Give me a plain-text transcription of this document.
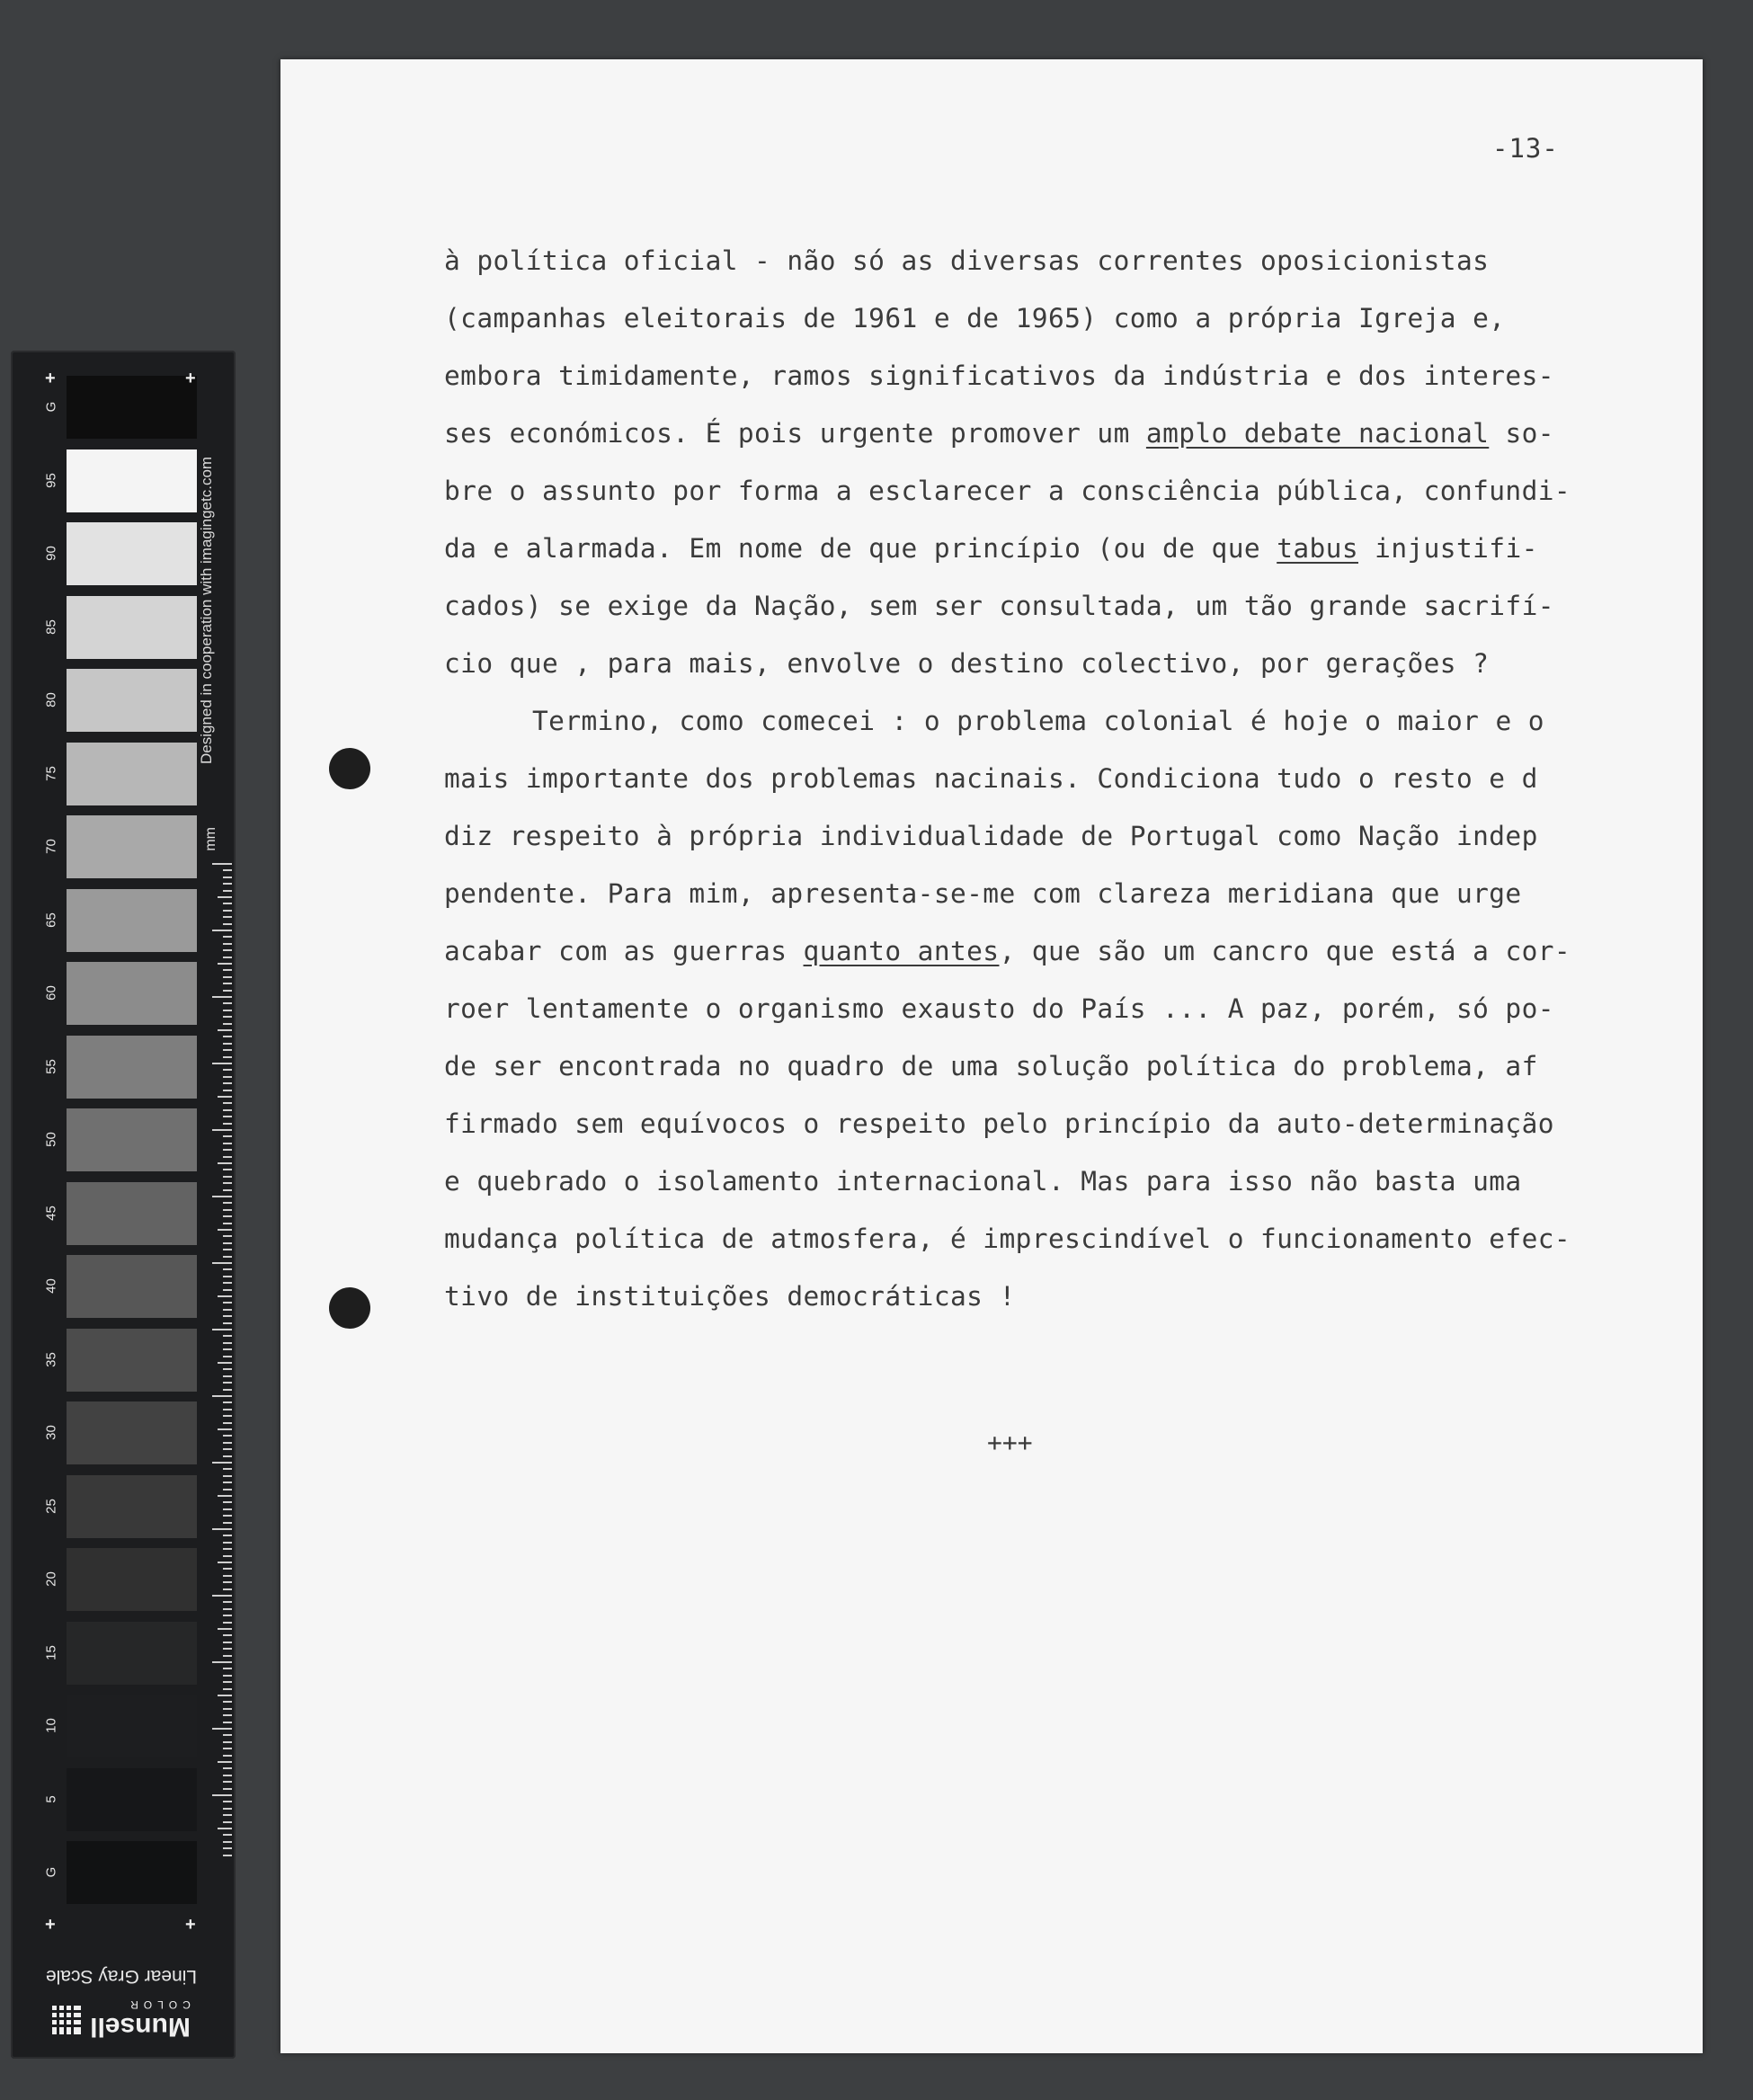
G
95
90
85
80
75
70
65
60
55
50
45
40
35
30
25
20
15
10
5
G
+	+
+	+
Designed in cooperation with imagingetc.com
mm
Linear Gray Scale
Munsell
COLOR
-13-
à política oficial - não só as diversas correntes oposicionistas
(campanhas eleitorais de 1961 e de 1965) como a própria Igreja e,
embora timidamente, ramos significativos da indústria e dos interes-
ses económicos. É pois urgente promover um amplo debate nacional so-
bre o assunto por forma a esclarecer a consciência pública, confundi-
da e alarmada. Em nome de que princípio (ou de que tabus injustifi-
cados) se exige da Nação, sem ser consultada, um tão grande sacrifí-
cio que , para mais, envolve o destino colectivo, por gerações ?
Termino, como comecei : o problema colonial é hoje o maior e o
mais importante dos problemas nacinais. Condiciona tudo o resto e d
diz respeito à própria individualidade de Portugal como Nação indep
pendente. Para mim, apresenta-se-me com clareza meridiana que urge
acabar com as guerras quanto antes, que são um cancro que está a cor-
roer lentamente o organismo exausto do País ... A paz, porém, só po-
de ser encontrada no quadro de uma solução política do problema, af
firmado sem equívocos o respeito pelo princípio da auto-determinação
e quebrado o isolamento internacional. Mas para isso não basta uma
mudança política de atmosfera, é imprescindível o funcionamento efec-
tivo de instituições democráticas !
+++
